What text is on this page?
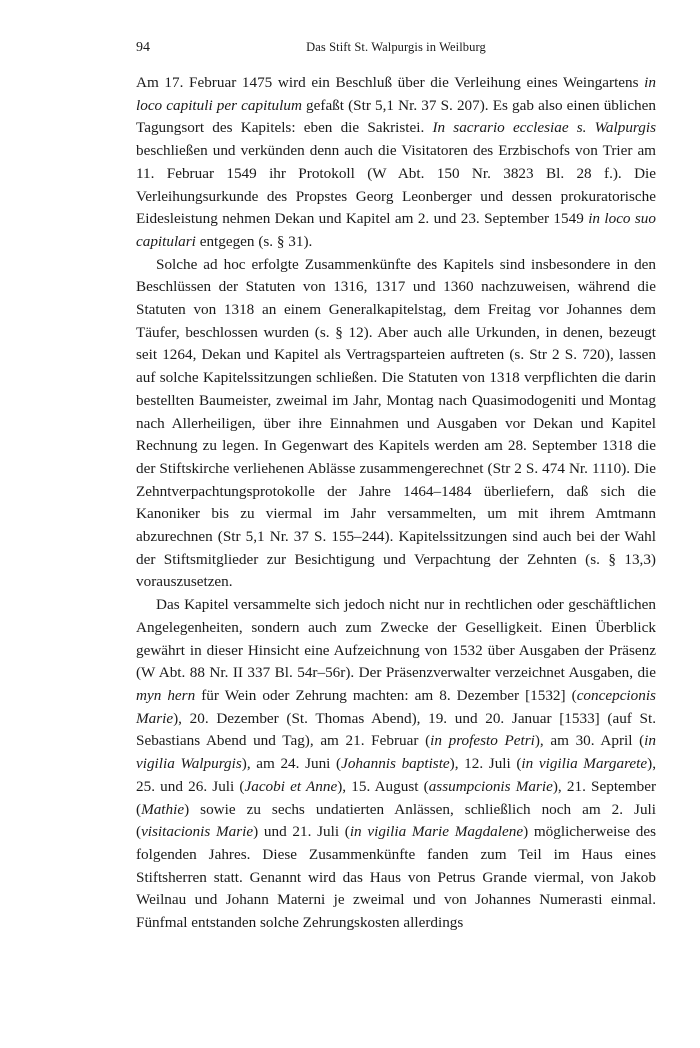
94	Das Stift St. Walpurgis in Weilburg

Am 17. Februar 1475 wird ein Beschluß über die Verleihung eines Weingartens in loco capituli per capitulum gefaßt (Str 5,1 Nr. 37 S. 207). Es gab also einen üblichen Tagungsort des Kapitels: eben die Sakristei. In sacrario ecclesiae s. Walpurgis beschließen und verkünden denn auch die Visitatoren des Erzbischofs von Trier am 11. Februar 1549 ihr Protokoll (W Abt. 150 Nr. 3823 Bl. 28 f.). Die Verleihungsurkunde des Propstes Georg Leonberger und dessen prokuratorische Eidesleistung nehmen Dekan und Kapitel am 2. und 23. September 1549 in loco suo capitulari entgegen (s. § 31).

Solche ad hoc erfolgte Zusammenkünfte des Kapitels sind insbesondere in den Beschlüssen der Statuten von 1316, 1317 und 1360 nachzuweisen, während die Statuten von 1318 an einem Generalkapitelstag, dem Freitag vor Johannes dem Täufer, beschlossen wurden (s. § 12). Aber auch alle Urkunden, in denen, bezeugt seit 1264, Dekan und Kapitel als Vertragsparteien auftreten (s. Str 2 S. 720), lassen auf solche Kapitelssitzungen schließen. Die Statuten von 1318 verpflichten die darin bestellten Baumeister, zweimal im Jahr, Montag nach Quasimodogeniti und Montag nach Allerheiligen, über ihre Einnahmen und Ausgaben vor Dekan und Kapitel Rechnung zu legen. In Gegenwart des Kapitels werden am 28. September 1318 die der Stiftskirche verliehenen Ablässe zusammengerechnet (Str 2 S. 474 Nr. 1110). Die Zehntverpachtungsprotokolle der Jahre 1464–1484 überliefern, daß sich die Kanoniker bis zu viermal im Jahr versammelten, um mit ihrem Amtmann abzurechnen (Str 5,1 Nr. 37 S. 155–244). Kapitelssitzungen sind auch bei der Wahl der Stiftsmitglieder zur Besichtigung und Verpachtung der Zehnten (s. § 13,3) vorauszusetzen.

Das Kapitel versammelte sich jedoch nicht nur in rechtlichen oder geschäftlichen Angelegenheiten, sondern auch zum Zwecke der Geselligkeit. Einen Überblick gewährt in dieser Hinsicht eine Aufzeichnung von 1532 über Ausgaben der Präsenz (W Abt. 88 Nr. II 337 Bl. 54r–56r). Der Präsenzverwalter verzeichnet Ausgaben, die myn hern für Wein oder Zehrung machten: am 8. Dezember [1532] (concepcionis Marie), 20. Dezember (St. Thomas Abend), 19. und 20. Januar [1533] (auf St. Sebastians Abend und Tag), am 21. Februar (in profesto Petri), am 30. April (in vigilia Walpurgis), am 24. Juni (Johannis baptiste), 12. Juli (in vigilia Margarete), 25. und 26. Juli (Jacobi et Anne), 15. August (assumpcionis Marie), 21. September (Mathie) sowie zu sechs undatierten Anlässen, schließlich noch am 2. Juli (visitacionis Marie) und 21. Juli (in vigilia Marie Magdalene) möglicherweise des folgenden Jahres. Diese Zusammenkünfte fanden zum Teil im Haus eines Stiftsherren statt. Genannt wird das Haus von Petrus Grande viermal, von Jakob Weilnau und Johann Materni je zweimal und von Johannes Numerasti einmal. Fünfmal entstanden solche Zehrungskosten allerdings
